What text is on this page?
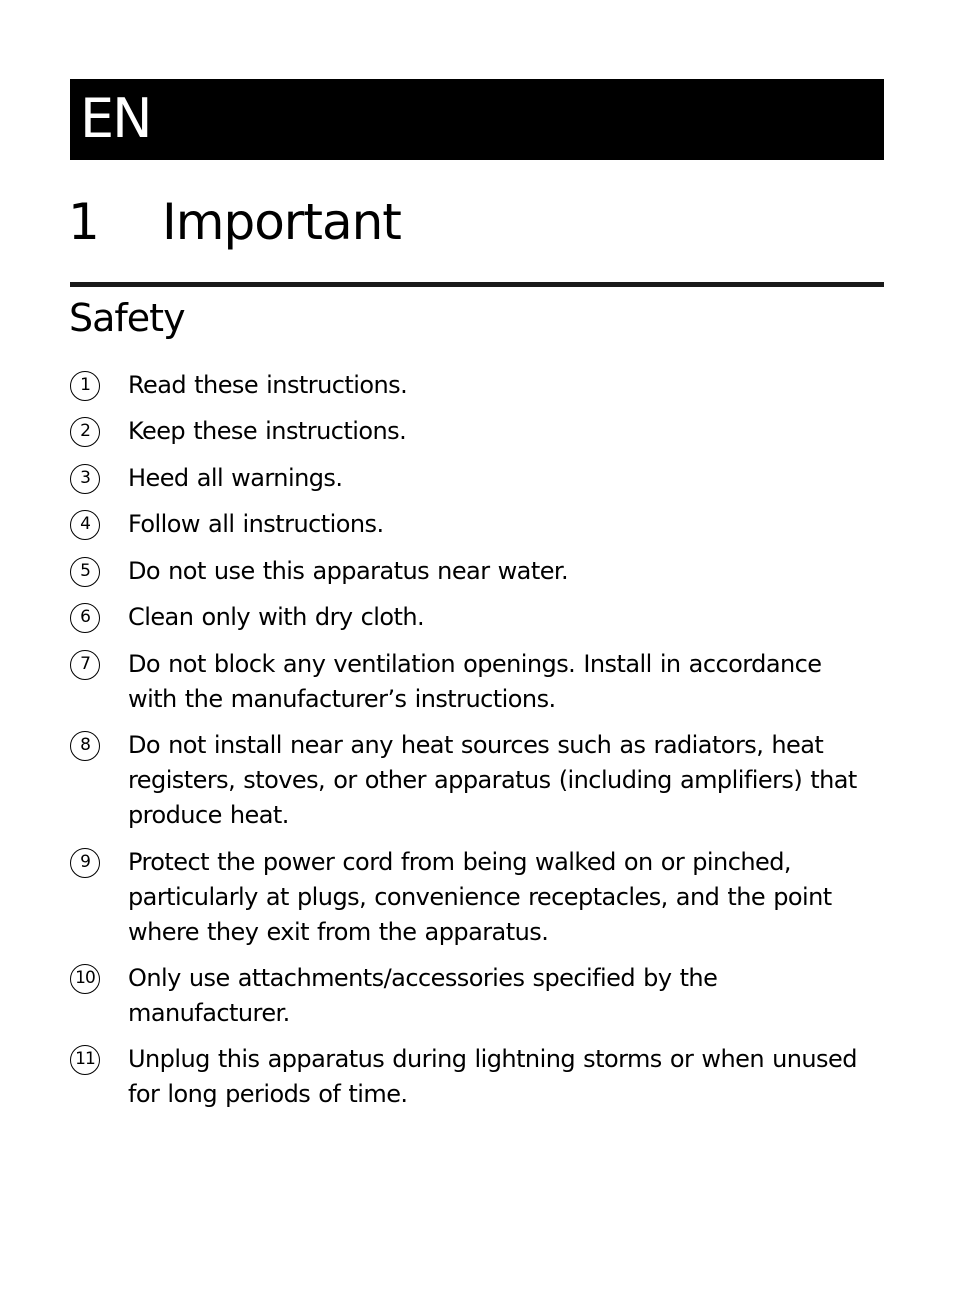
EN
1 Important
Safety
1	Read these instructions.
2	Keep these instructions.
3	Heed all warnings.
4	Follow all instructions.
5	Do not use this apparatus near water.
6	Clean only with dry cloth.
7	Do not block any ventilation openings. Install in accordance
with the manufacturer’s instructions.
8	Do not install near any heat sources such as radiators, heat
registers, stoves, or other apparatus (including amplifiers) that
produce heat.
9	Protect the power cord from being walked on or pinched,
particularly at plugs, convenience receptacles, and the point
where they exit from the apparatus.
10 Only use attachments/accessories specified by the
manufacturer.
11 Unplug this apparatus during lightning storms or when unused
for long periods of time.
